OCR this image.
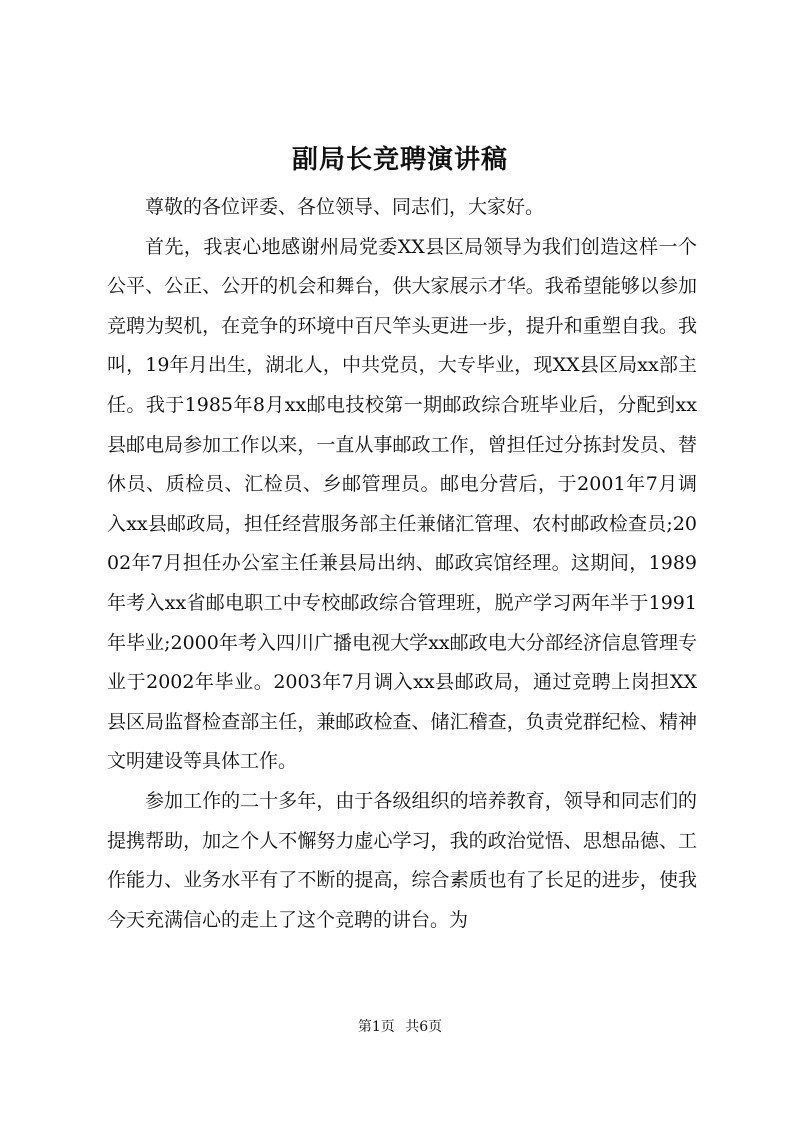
副局长竞聘演讲稿

尊敬的各位评委、各位领导、同志们，大家好。

首先，我衷心地感谢州局党委XX县区局领导为我们创造这样一个公平、公正、公开的机会和舞台，供大家展示才华。我希望能够以参加竞聘为契机，在竞争的环境中百尺竿头更进一步，提升和重塑自我。我叫，19年月出生，湖北人，中共党员，大专毕业，现XX县区局xx部主任。我于1985年8月xx邮电技校第一期邮政综合班毕业后，分配到xx县邮电局参加工作以来，一直从事邮政工作，曾担任过分拣封发员、替休员、质检员、汇检员、乡邮管理员。邮电分营后，于2001年7月调入xx县邮政局，担任经营服务部主任兼储汇管理、农村邮政检查员;2002年7月担任办公室主任兼县局出纳、邮政宾馆经理。这期间，1989年考入xx省邮电职工中专校邮政综合管理班，脱产学习两年半于1991年毕业;2000年考入四川广播电视大学xx邮政电大分部经济信息管理专业于2002年毕业。2003年7月调入xx县邮政局，通过竞聘上岗担XX县区局监督检查部主任，兼邮政检查、储汇稽查，负责党群纪检、精神文明建设等具体工作。

参加工作的二十多年，由于各级组织的培养教育，领导和同志们的提携帮助，加之个人不懈努力虚心学习，我的政治觉悟、思想品德、工作能力、业务水平有了不断的提高，综合素质也有了长足的进步，使我今天充满信心的走上了这个竞聘的讲台。为

第1页 共6页
